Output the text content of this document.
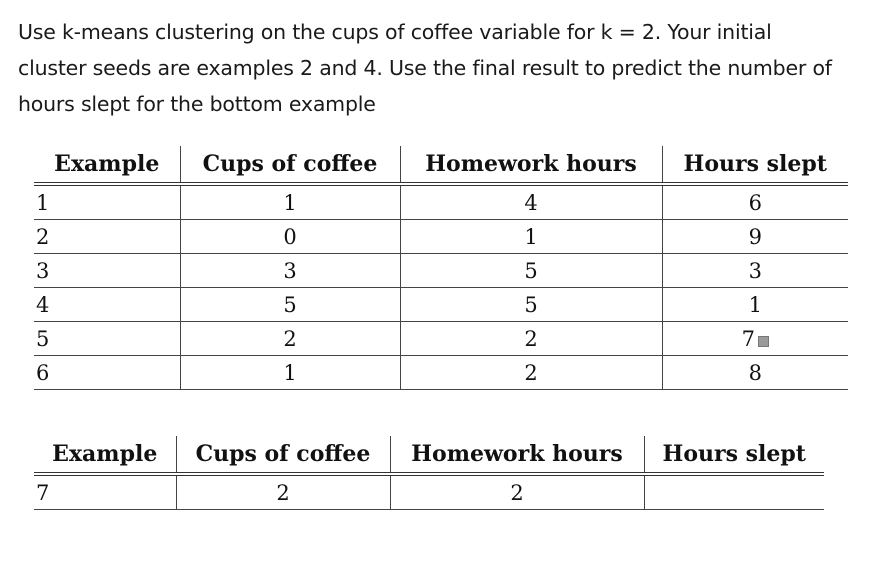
Use k-means clustering on the cups of coffee variable for k = 2. Your initial
cluster seeds are examples 2 and 4. Use the final result to predict the number of
hours slept for the bottom example
Example	Cups of coffee	Homework hours	Hours slept
1	1	4	6
2	0	1	9
3	3	5	3
4	5	5	1
5	2	2	7
6	1	2	8
Example	Cups of coffee	Homework hours	Hours slept
7	2	2	
